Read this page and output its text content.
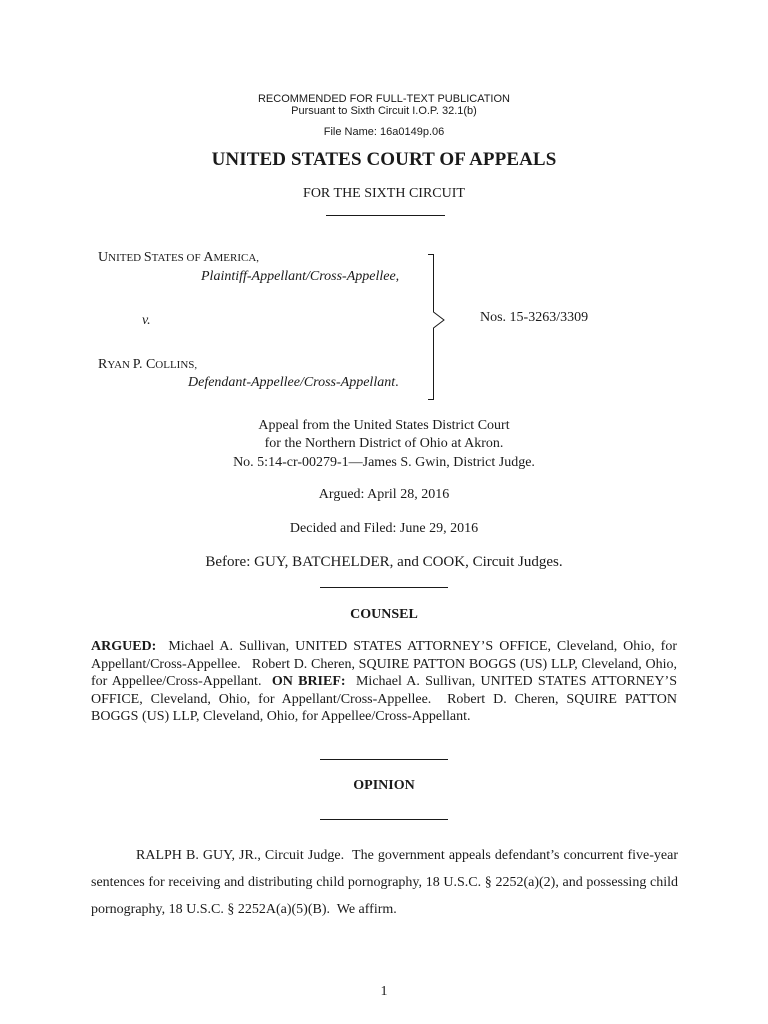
RECOMMENDED FOR FULL-TEXT PUBLICATION
Pursuant to Sixth Circuit I.O.P. 32.1(b)
File Name: 16a0149p.06
UNITED STATES COURT OF APPEALS
FOR THE SIXTH CIRCUIT
UNITED STATES OF AMERICA,
Plaintiff-Appellant/Cross-Appellee,
v.
RYAN P. COLLINS,
Defendant-Appellee/Cross-Appellant.
Nos. 15-3263/3309
Appeal from the United States District Court
for the Northern District of Ohio at Akron.
No. 5:14-cr-00279-1—James S. Gwin, District Judge.
Argued: April 28, 2016
Decided and Filed: June 29, 2016
Before: GUY, BATCHELDER, and COOK, Circuit Judges.
COUNSEL
ARGUED:  Michael A. Sullivan, UNITED STATES ATTORNEY’S OFFICE, Cleveland, Ohio, for Appellant/Cross-Appellee.   Robert D. Cheren, SQUIRE PATTON BOGGS (US) LLP, Cleveland, Ohio, for Appellee/Cross-Appellant.  ON BRIEF:  Michael A. Sullivan, UNITED STATES ATTORNEY’S OFFICE, Cleveland, Ohio, for Appellant/Cross-Appellee.  Robert D. Cheren, SQUIRE PATTON BOGGS (US) LLP, Cleveland, Ohio, for Appellee/Cross-Appellant.
OPINION
RALPH B. GUY, JR., Circuit Judge.  The government appeals defendant’s concurrent five-year sentences for receiving and distributing child pornography, 18 U.S.C. § 2252(a)(2), and possessing child pornography, 18 U.S.C. § 2252A(a)(5)(B).  We affirm.
1
